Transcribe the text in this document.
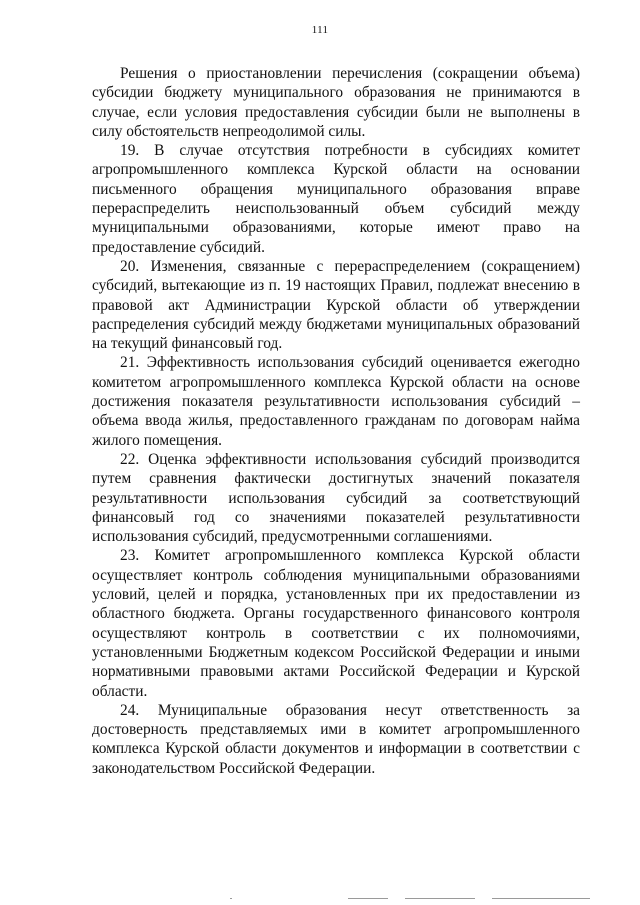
111

Решения о приостановлении перечисления (сокращении объема) субсидии бюджету муниципального образования не принимаются в случае, если условия предоставления субсидии были не выполнены в силу обстоятельств непреодолимой силы.

19. В случае отсутствия потребности в субсидиях комитет агропромышленного комплекса Курской области на основании письменного обращения муниципального образования вправе перераспределить неиспользованный объем субсидий между муниципальными образованиями, которые имеют право на предоставление субсидий.

20. Изменения, связанные с перераспределением (сокращением) субсидий, вытекающие из п. 19 настоящих Правил, подлежат внесению в правовой акт Администрации Курской области об утверждении распределения субсидий между бюджетами муниципальных образований на текущий финансовый год.

21. Эффективность использования субсидий оценивается ежегодно комитетом агропромышленного комплекса Курской области на основе достижения показателя результативности использования субсидий – объема ввода жилья, предоставленного гражданам по договорам найма жилого помещения.

22. Оценка эффективности использования субсидий производится путем сравнения фактически достигнутых значений показателя результативности использования субсидий за соответствующий финансовый год со значениями показателей результативности использования субсидий, предусмотренными соглашениями.

23. Комитет агропромышленного комплекса Курской области осуществляет контроль соблюдения муниципальными образованиями условий, целей и порядка, установленных при их предоставлении из областного бюджета. Органы государственного финансового контроля осуществляют контроль в соответствии с их полномочиями, установленными Бюджетным кодексом Российской Федерации и иными нормативными правовыми актами Российской Федерации и Курской области.

24. Муниципальные образования несут ответственность за достоверность представляемых ими в комитет агропромышленного комплекса Курской области документов и информации в соответствии с законодательством Российской Федерации.
